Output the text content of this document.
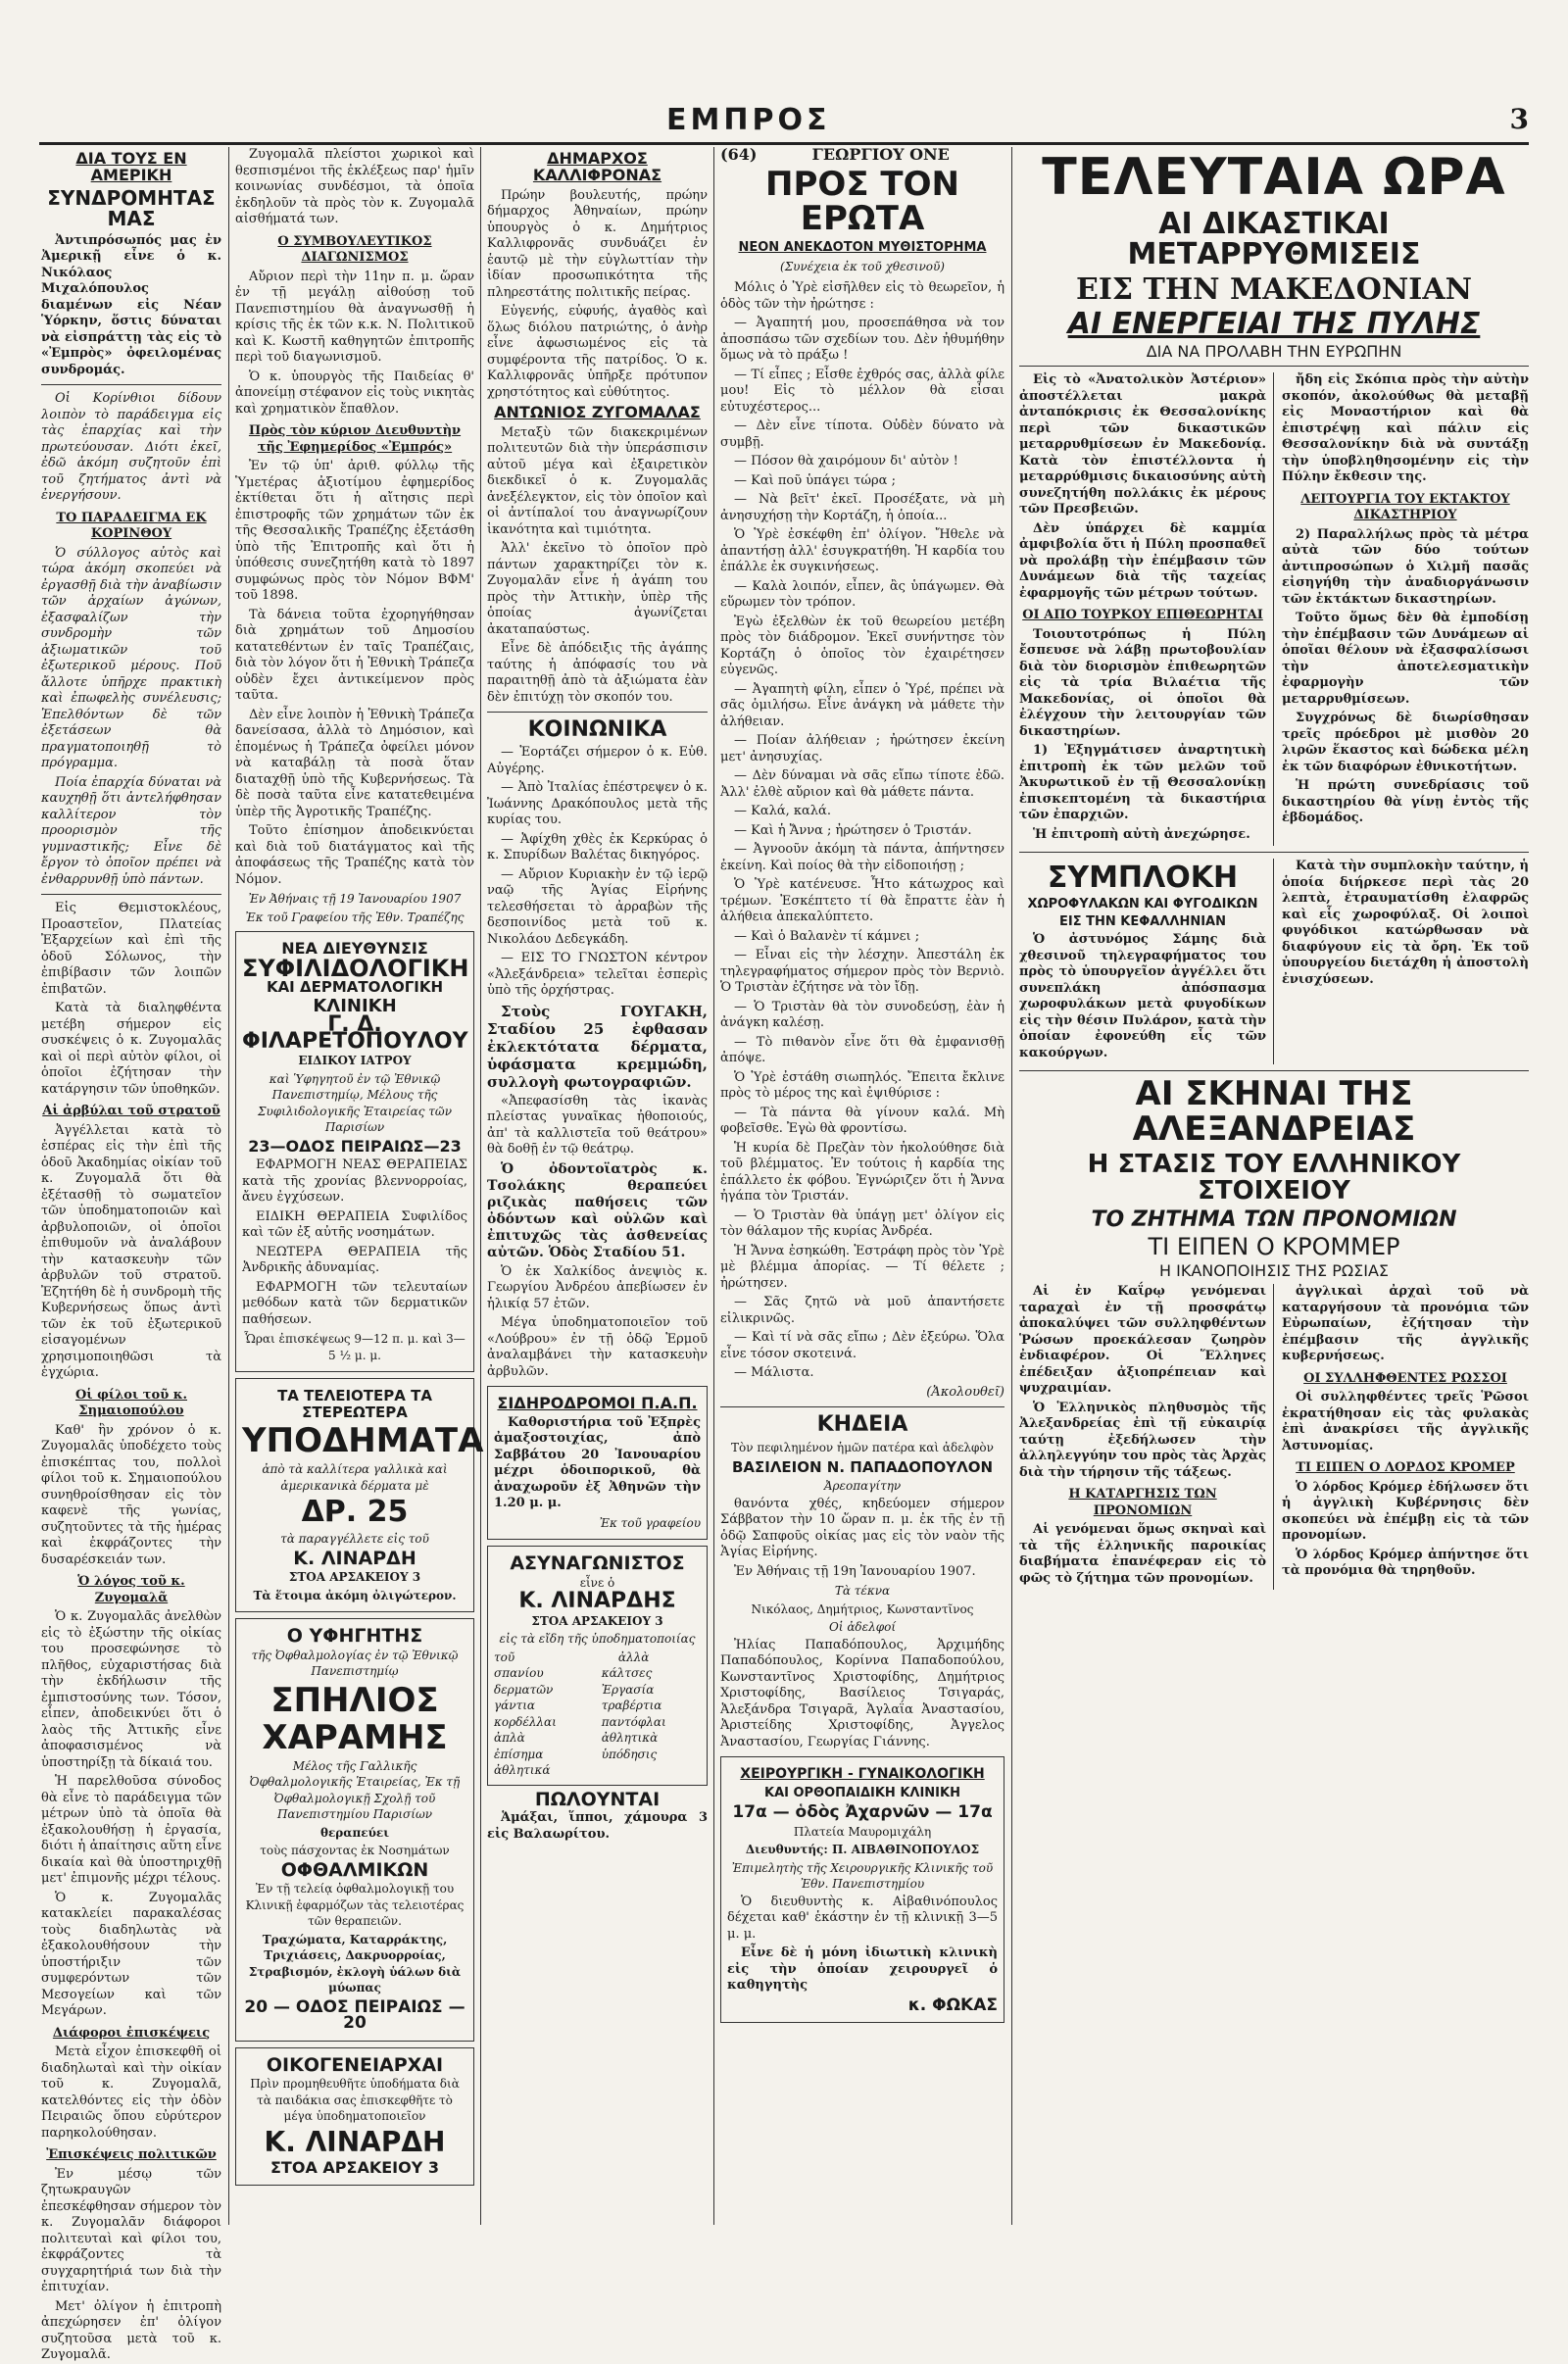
ΕΜΠΡΟΣ	3
ΔΙΑ ΤΟΥΣ ΕΝ ΑΜΕΡΙΚΗ
ΣΥΝΔΡΟΜΗΤΑΣ ΜΑΣ

Ἀντιπρόσωπός μας ἐν Ἀμερικῇ εἶνε ὁ κ. Νικόλαος Μιχαλόπουλος διαμένων εἰς Νέαν Ὑόρκην, ὅστις δύναται νὰ εἰσπράττῃ τὰς εἰς τὸ «Ἐμπρὸς» ὀφειλομένας συνδρομάς.

Οἱ Κορίνθιοι δίδουν λοιπὸν τὸ παράδειγμα εἰς τὰς ἐπαρχίας καὶ τὴν πρωτεύουσαν. Διότι ἐκεῖ, ἐδῶ ἀκόμη συζητοῦν ἐπὶ τοῦ ζητήματος ἀντὶ νὰ ἐνεργήσουν.

ΤΟ ΠΑΡΑΔΕΙΓΜΑ ΕΚ ΚΟΡΙΝΘΟΥ

Ὁ σύλλογος αὐτὸς καὶ τώρα ἀκόμη σκοπεύει νὰ ἐργασθῇ διὰ τὴν ἀναβίωσιν τῶν ἀρχαίων ἀγώνων, ἐξασφαλίζων τὴν συνδρομὴν τῶν ἀξιωματικῶν τοῦ ἐξωτερικοῦ μέρους. Ποῦ ἄλλοτε ὑπῆρχε πρακτικὴ καὶ ἐπωφελὴς συνέλευσις; Ἐπελθόντων δὲ τῶν ἐξετάσεων θὰ πραγματοποιηθῇ τὸ πρόγραμμα.

Ποία ἐπαρχία δύναται νὰ καυχηθῇ ὅτι ἀντελήφθησαν καλλίτερον τὸν προορισμὸν τῆς γυμναστικῆς; Εἶνε δὲ ἔργον τὸ ὁποῖον πρέπει νὰ ἐνθαρρυνθῇ ὑπὸ πάντων.

Εἰς Θεμιστοκλέους, Προαστεῖον, Πλατείας Ἐξαρχείων καὶ ἐπὶ τῆς ὁδοῦ Σόλωνος, τὴν ἐπιβίβασιν τῶν λοιπῶν ἐπιβατῶν.

Κατὰ τὰ διαληφθέντα μετέβη σήμερον εἰς συσκέψεις ὁ κ. Ζυγομαλᾶς καὶ οἱ περὶ αὐτὸν φίλοι, οἱ ὁποῖοι ἐζήτησαν τὴν κατάργησιν τῶν ὑποθηκῶν.

Αἱ ἀρβύλαι τοῦ στρατοῦ

Ἀγγέλλεται κατὰ τὸ ἐσπέρας εἰς τὴν ἐπὶ τῆς ὁδοῦ Ἀκαδημίας οἰκίαν τοῦ κ. Ζυγομαλᾶ ὅτι θὰ ἐξέτασθῇ τὸ σωματεῖον τῶν ὑποδηματοποιῶν καὶ ἀρβυλοποιῶν, οἱ ὁποῖοι ἐπιθυμοῦν νὰ ἀναλάβουν τὴν κατασκευὴν τῶν ἀρβυλῶν τοῦ στρατοῦ. Ἐζητήθη δὲ ἡ συνδρομὴ τῆς Κυβερνήσεως ὅπως ἀντὶ τῶν ἐκ τοῦ ἐξωτερικοῦ εἰσαγομένων χρησιμοποιηθῶσι τὰ ἐγχώρια.

Οἱ φίλοι τοῦ κ. Σημαιοπούλου

Καθ' ἣν χρόνον ὁ κ. Ζυγομαλᾶς ὑποδέχετο τοὺς ἐπισκέπτας του, πολλοὶ φίλοι τοῦ κ. Σημαιοπούλου συνηθροίσθησαν εἰς τὸν καφενὲ τῆς γωνίας, συζητοῦντες τὰ τῆς ἡμέρας καὶ ἐκφράζοντες τὴν δυσαρέσκειάν των.

Ὁ λόγος τοῦ κ. Ζυγομαλᾶ

Ὁ κ. Ζυγομαλᾶς ἀνελθὼν εἰς τὸ ἐξώστην τῆς οἰκίας του προσεφώνησε τὸ πλῆθος, εὐχαριστήσας διὰ τὴν ἐκδήλωσιν τῆς ἐμπιστοσύνης των. Τόσον, εἶπεν, ἀποδεικνύει ὅτι ὁ λαὸς τῆς Ἀττικῆς εἶνε ἀποφασισμένος νὰ ὑποστηρίξῃ τὰ δίκαιά του.

Ἡ παρελθοῦσα σύνοδος θὰ εἶνε τὸ παράδειγμα τῶν μέτρων ὑπὸ τὰ ὁποῖα θὰ ἐξακολουθήσῃ ἡ ἐργασία, διότι ἡ ἀπαίτησις αὕτη εἶνε δικαία καὶ θὰ ὑποστηριχθῇ μετ' ἐπιμονῆς μέχρι τέλους.

Ὁ κ. Ζυγομαλᾶς κατακλείει παρακαλέσας τοὺς διαδηλωτὰς νὰ ἐξακολουθήσουν τὴν ὑποστήριξιν τῶν συμφερόντων τῶν Μεσογείων καὶ τῶν Μεγάρων.

Διάφοροι ἐπισκέψεις

Μετὰ εἶχον ἐπισκεφθῆ οἱ διαδηλωταὶ καὶ τὴν οἰκίαν τοῦ κ. Ζυγομαλᾶ, κατελθόντες εἰς τὴν ὁδὸν Πειραιῶς ὅπου εὐρύτερον παρηκολούθησαν.

Ἐπισκέψεις πολιτικῶν

Ἐν μέσῳ τῶν ζητωκραυγῶν ἐπεσκέφθησαν σήμερον τὸν κ. Ζυγομαλᾶν διάφοροι πολιτευταὶ καὶ φίλοι του, ἐκφράζοντες τὰ συγχαρητήριά των διὰ τὴν ἐπιτυχίαν.

Μετ' ὀλίγον ἡ ἐπιτροπὴ ἀπεχώρησεν ἐπ' ὀλίγον συζητοῦσα μετὰ τοῦ κ. Ζυγομαλᾶ.

Ζυγομαλᾶ πλείστοι χωρικοὶ καὶ θεσπισμένοι τῆς ἐκλέξεως παρ' ἡμῖν κοινωνίας συνδέσμοι, τὰ ὁποῖα ἐκδηλοῦν τὰ πρὸς τὸν κ. Ζυγομαλᾶ αἰσθήματά των.

Ο ΣΥΜΒΟΥΛΕΥΤΙΚΟΣ ΔΙΑΓΩΝΙΣΜΟΣ

Αὔριον περὶ τὴν 11ην π. μ. ὥραν ἐν τῇ μεγάλῃ αἰθούσῃ τοῦ Πανεπιστημίου θὰ ἀναγνωσθῇ ἡ κρίσις τῆς ἐκ τῶν κ.κ. Ν. Πολιτικοῦ καὶ Κ. Κωστῆ καθηγητῶν ἐπιτροπῆς περὶ τοῦ διαγωνισμοῦ.

Ὁ κ. ὑπουργὸς τῆς Παιδείας θ' ἀπονείμῃ στέφανον εἰς τοὺς νικητὰς καὶ χρηματικὸν ἔπαθλον.

Πρὸς τὸν κύριον Διευθυντὴν τῆς Ἐφημερίδος «Ἐμπρός»

Ἐν τῷ ὑπ' ἀριθ. φύλλῳ τῆς Ὑμετέρας ἀξιοτίμου ἐφημερίδος ἐκτίθεται ὅτι ἡ αἴτησις περὶ ἐπιστροφῆς τῶν χρημάτων τῶν ἐκ τῆς Θεσσαλικῆς Τραπέζης ἐξετάσθη ὑπὸ τῆς Ἐπιτροπῆς καὶ ὅτι ἡ ὑπόθεσις συνεζητήθη κατὰ τὸ 1897 συμφώνως πρὸς τὸν Νόμον ΒΦΜ' τοῦ 1898.

Τὰ δάνεια τοῦτα ἐχορηγήθησαν διὰ χρημάτων τοῦ Δημοσίου κατατεθέντων ἐν ταῖς Τραπέζαις, διὰ τὸν λόγον ὅτι ἡ Ἐθνικὴ Τράπεζα οὐδὲν ἔχει ἀντικείμενον πρὸς ταῦτα.

Δὲν εἶνε λοιπὸν ἡ Ἐθνικὴ Τράπεζα δανείσασα, ἀλλὰ τὸ Δημόσιον, καὶ ἑπομένως ἡ Τράπεζα ὀφείλει μόνον νὰ καταβάλῃ τὰ ποσὰ ὅταν διαταχθῇ ὑπὸ τῆς Κυβερνήσεως. Τὰ δὲ ποσὰ ταῦτα εἶνε κατατεθειμένα ὑπὲρ τῆς Ἀγροτικῆς Τραπέζης.

Τοῦτο ἐπίσημον ἀποδεικνύεται καὶ διὰ τοῦ διατάγματος καὶ τῆς ἀποφάσεως τῆς Τραπέζης κατὰ τὸν Νόμον.

Ἐν Ἀθήναις τῇ 19 Ἰανουαρίου 1907
Ἐκ τοῦ Γραφείου τῆς Ἐθν. Τραπέζης
ΝΕΑ ΔΙΕΥΘΥΝΣΙΣ
ΣΥΦΙΛΙΔΟΛΟΓΙΚΗ
ΚΑΙ ΔΕΡΜΑΤΟΛΟΓΙΚΗ
ΚΛΙΝΙΚΗ
Γ. Δ. ΦΙΛΑΡΕΤΟΠΟΥΛΟΥ
ΕΙΔΙΚΟΥ ΙΑΤΡΟΥ
καὶ Ὑφηγητοῦ ἐν τῷ Ἐθνικῷ Πανεπιστημίῳ, Μέλους τῆς Συφιλιδολογικῆς Ἑταιρείας τῶν Παρισίων
23—ΟΔΟΣ ΠΕΙΡΑΙΩΣ—23

ΕΦΑΡΜΟΓΗ ΝΕΑΣ ΘΕΡΑΠΕΙΑΣ κατὰ τῆς χρονίας βλεννορροίας, ἄνευ ἐγχύσεων.

ΕΙΔΙΚΗ ΘΕΡΑΠΕΙΑ Συφιλίδος καὶ τῶν ἐξ αὐτῆς νοσημάτων.

ΝΕΩΤΕΡΑ ΘΕΡΑΠΕΙΑ τῆς Ἀνδρικῆς ἀδυναμίας.

ΕΦΑΡΜΟΓΗ τῶν τελευταίων μεθόδων κατὰ τῶν δερματικῶν παθήσεων.

Ὧραι ἐπισκέψεως 9—12 π. μ. καὶ 3—5 ½ μ. μ.
ΤΑ ΤΕΛΕΙΟΤΕΡΑ ΤΑ ΣΤΕΡΕΩΤΕΡΑ
ΥΠΟΔΗΜΑΤΑ
ἀπὸ τὰ καλλίτερα γαλλικὰ καὶ ἀμερικανικὰ δέρματα μὲ
ΔΡ. 25
τὰ παραγγέλλετε εἰς τοῦ
Κ. ΛΙΝΑΡΔΗ
ΣΤΟΑ ΑΡΣΑΚΕΙΟΥ 3
Τὰ ἕτοιμα ἀκόμη ὀλιγώτερον.
Ο ΥΦΗΓΗΤΗΣ
τῆς Ὀφθαλμολογίας ἐν τῷ Ἐθνικῷ Πανεπιστημίῳ
ΣΠΗΛΙΟΣ
ΧΑΡΑΜΗΣ
Μέλος τῆς Γαλλικῆς Ὀφθαλμολογικῆς Ἑταιρείας, Ἐκ τῇ Ὀφθαλμολογικῇ Σχολῇ τοῦ Πανεπιστημίου Παρισίων
θεραπεύει
τοὺς πάσχοντας ἐκ Νοσημάτων
ΟΦΘΑΛΜΙΚΩΝ
Ἐν τῇ τελείᾳ ὀφθαλμολογικῇ του Κλινικῇ ἐφαρμόζων τὰς τελειοτέρας τῶν θεραπειῶν.
Τραχώματα, Καταρράκτης, Τριχιάσεις, Δακρυορροίας, Στραβισμόν, ἐκλογὴ ὑάλων διὰ μύωπας
20 — ΟΔΟΣ ΠΕΙΡΑΙΩΣ — 20
ΟΙΚΟΓΕΝΕΙΑΡΧΑΙ
Πρὶν προμηθευθῆτε ὑποδήματα διὰ τὰ παιδάκια σας ἐπισκεφθῆτε τὸ μέγα ὑποδηματοποιεῖον
Κ. ΛΙΝΑΡΔΗ
ΣΤΟΑ ΑΡΣΑΚΕΙΟΥ 3
ΔΗΜΑΡΧΟΣ ΚΑΛΛΙΦΡΟΝΑΣ

Πρώην βουλευτής, πρώην δήμαρχος Ἀθηναίων, πρώην ὑπουργὸς ὁ κ. Δημήτριος Καλλιφρονᾶς συνδυάζει ἐν ἑαυτῷ μὲ τὴν εὐγλωττίαν τὴν ἰδίαν προσωπικότητα τῆς πληρεστάτης πολιτικῆς πείρας.

Εὐγενής, εὐφυής, ἀγαθὸς καὶ ὅλως διόλου πατριώτης, ὁ ἀνὴρ εἶνε ἀφωσιωμένος εἰς τὰ συμφέροντα τῆς πατρίδος. Ὁ κ. Καλλιφρονᾶς ὑπῆρξε πρότυπον χρηστότητος καὶ εὐθύτητος.

ΑΝΤΩΝΙΟΣ ΖΥΓΟΜΑΛΑΣ

Μεταξὺ τῶν διακεκριμένων πολιτευτῶν διὰ τὴν ὑπεράσπισιν αὐτοῦ μέγα καὶ ἐξαιρετικὸν διεκδικεῖ ὁ κ. Ζυγομαλᾶς ἀνεξέλεγκτον, εἰς τὸν ὁποῖον καὶ οἱ ἀντίπαλοί του ἀναγνωρίζουν ἱκανότητα καὶ τιμιότητα.

Ἀλλ' ἐκεῖνο τὸ ὁποῖον πρὸ πάντων χαρακτηρίζει τὸν κ. Ζυγομαλᾶν εἶνε ἡ ἀγάπη του πρὸς τὴν Ἀττικὴν, ὑπὲρ τῆς ὁποίας ἀγωνίζεται ἀκαταπαύστως.

Εἶνε δὲ ἀπόδειξις τῆς ἀγάπης ταύτης ἡ ἀπόφασίς του νὰ παραιτηθῇ ἀπὸ τὰ ἀξιώματα ἐὰν δὲν ἐπιτύχῃ τὸν σκοπόν του.

ΚΟΙΝΩΝΙΚΑ

— Ἑορτάζει σήμερον ὁ κ. Εὐθ. Αὐγέρης.

— Ἀπὸ Ἰταλίας ἐπέστρεψεν ὁ κ. Ἰωάννης Δρακόπουλος μετὰ τῆς κυρίας του.

— Ἀφίχθη χθὲς ἐκ Κερκύρας ὁ κ. Σπυρίδων Βαλέτας δικηγόρος.

— Αὔριον Κυριακὴν ἐν τῷ ἱερῷ ναῷ τῆς Ἁγίας Εἰρήνης τελεσθήσεται τὸ ἀρραβὼν τῆς δεσποινίδος μετὰ τοῦ κ. Νικολάου Δεδεγκάδη.

— ΕΙΣ ΤΟ ΓΝΩΣΤΟΝ κέντρον «Ἀλεξάνδρεια» τελεῖται ἑσπερὶς ὑπὸ τῆς ὀρχήστρας.

Στοὺς ΓΟΥΓΑΚΗ, Σταδίου 25 ἐφθασαν ἐκλεκτότατα δέρματα, ὑφάσματα κρεμμώδη, συλλογὴ φωτογραφιῶν.

«Ἀπεφασίσθη τὰς ἱκανὰς πλείστας γυναῖκας ἠθοποιούς, ἀπ' τὰ καλλιστεῖα τοῦ θεάτρου» θὰ δοθῇ ἐν τῷ θεάτρῳ.

Ὁ ὀδοντοϊατρὸς κ. Τσολάκης θεραπεύει ριζικὰς παθήσεις τῶν ὀδόντων καὶ οὐλῶν καὶ ἐπιτυχῶς τὰς ἀσθενείας αὐτῶν. Ὁδὸς Σταδίου 51.

Ὁ ἐκ Χαλκίδος ἀνεψιὸς κ. Γεωργίου Ἀνδρέου ἀπεβίωσεν ἐν ἡλικίᾳ 57 ἐτῶν.

Μέγα ὑποδηματοποιεῖον τοῦ «Λούβρου» ἐν τῇ ὁδῷ Ἑρμοῦ ἀναλαμβάνει τὴν κατασκευὴν ἀρβυλῶν.

ΣΙΔΗΡΟΔΡΟΜΟΙ Π.Α.Π.

Καθοριστήρια τοῦ Ἐξπρὲς ἀμαξοστοιχίας, ἀπὸ Σαββάτου 20 Ἰανουαρίου μέχρι ὁδοιπορικοῦ, θὰ ἀναχωροῦν ἐξ Ἀθηνῶν τὴν 1.20 μ. μ.

Ἐκ τοῦ γραφείου
ΑΣΥΝΑΓΩΝΙΣΤΟΣ
εἶνε ὁ
Κ. ΛΙΝΑΡΔΗΣ
ΣΤΟΑ ΑΡΣΑΚΕΙΟΥ 3
εἰς τὰ εἴδη τῆς ὑποδηματοποιίας
τοῦ σπανίου
δερματῶν
γάντια
κορδέλλαι
ἀπλὰ
ἐπίσημα
ἀθλητικά
ἀλλὰ
κάλτσες
Ἐργασία
τραβέρτια
παντόφλαι
ἀθλητικὰ
ὑπόδησις
ΠΩΛΟΥΝΤΑΙ

Ἁμάξαι, ἵπποι, χάμουρα 3 εἰς Βαλαωρίτου.

(64)	ΓΕΩΡΓΙΟΥ ΟΝΕ
ΠΡΟΣ ΤΟΝ ΕΡΩΤΑ
ΝΕΟΝ ΑΝΕΚΔΟΤΟΝ ΜΥΘΙΣΤΟΡΗΜΑ
(Συνέχεια ἐκ τοῦ χθεσινοῦ)

Μόλις ὁ Ὑρὲ εἰσῆλθεν εἰς τὸ θεωρεῖον, ἡ ὁδὸς τῶν τὴν ἠρώτησε :

— Ἀγαπητή μου, προσεπάθησα νὰ τον ἀποσπάσω τῶν σχεδίων του. Δὲν ἠθυμήθην ὅμως νὰ τὸ πράξω !

— Τί εἶπες ; Εἶσθε ἐχθρός σας, ἀλλὰ φίλε μου! Εἰς τὸ μέλλον θὰ εἶσαι εὐτυχέστερος...

— Δὲν εἶνε τίποτα. Οὐδὲν δύνατο νὰ συμβῇ.

— Πόσον θὰ χαιρόμουν δι' αὐτὸν !

— Καὶ ποῦ ὑπάγει τώρα ;

— Νὰ βεῖτ' ἐκεῖ. Προσέξατε, νὰ μὴ ἀνησυχήσῃ τὴν Κορτάζη, ἡ ὁποία...

Ὁ Ὑρὲ ἐσκέφθη ἐπ' ὀλίγον. Ἤθελε νὰ ἀπαντήσῃ ἀλλ' ἐσυγκρατήθη. Ἡ καρδία του ἐπάλλε ἐκ συγκινήσεως.

— Καλὰ λοιπόν, εἶπεν, ἂς ὑπάγωμεν. Θὰ εὕρωμεν τὸν τρόπον.

Ἐγὼ ἐξελθὼν ἐκ τοῦ θεωρείου μετέβη πρὸς τὸν διάδρομον. Ἐκεῖ συνήντησε τὸν Κορτάζη ὁ ὁποῖος τὸν ἐχαιρέτησεν εὐγενῶς.

— Ἀγαπητὴ φίλη, εἶπεν ὁ Ὑρέ, πρέπει νὰ σᾶς ὁμιλήσω. Εἶνε ἀνάγκη νὰ μάθετε τὴν ἀλήθειαν.

— Ποίαν ἀλήθειαν ; ἠρώτησεν ἐκείνη μετ' ἀνησυχίας.

— Δὲν δύναμαι νὰ σᾶς εἴπω τίποτε ἐδῶ. Ἀλλ' ἐλθὲ αὔριον καὶ θὰ μάθετε πάντα.

— Καλά, καλά.

— Καὶ ἡ Ἄννα ; ἠρώτησεν ὁ Τριστάν.

— Ἀγνοοῦν ἀκόμη τὰ πάντα, ἀπήντησεν ἐκείνη. Καὶ ποίος θὰ τὴν εἰδοποιήσῃ ;

Ὁ Ὑρὲ κατένευσε. Ἦτο κάτωχρος καὶ τρέμων. Ἐσκέπτετο τί θὰ ἔπραττε ἐὰν ἡ ἀλήθεια ἀπεκαλύπτετο.

— Καὶ ὁ Βαλανὲν τί κάμνει ;

— Εἶναι εἰς τὴν λέσχην. Ἀπεστάλη ἐκ τηλεγραφήματος σήμερον πρὸς τὸν Βερνιὸ. Ὁ Τριστὰν ἐζήτησε νὰ τὸν ἴδῃ.

— Ὁ Τριστὰν θὰ τὸν συνοδεύσῃ, ἐὰν ἡ ἀνάγκη καλέσῃ.

— Τὸ πιθανὸν εἶνε ὅτι θὰ ἐμφανισθῇ ἀπόψε.

Ὁ Ὑρὲ ἐστάθη σιωπηλός. Ἔπειτα ἔκλινε πρὸς τὸ μέρος της καὶ ἐψιθύρισε :

— Τὰ πάντα θὰ γίνουν καλά. Μὴ φοβεῖσθε. Ἐγὼ θὰ φροντίσω.

Ἡ κυρία δὲ Πρεζὰν τὸν ἠκολούθησε διὰ τοῦ βλέμματος. Ἐν τούτοις ἡ καρδία της ἐπάλλετο ἐκ φόβου. Ἐγνώριζεν ὅτι ἡ Ἄννα ἠγάπα τὸν Τριστάν.

— Ὁ Τριστὰν θὰ ὑπάγῃ μετ' ὀλίγον εἰς τὸν θάλαμον τῆς κυρίας Ἀνδρέα.

Ἡ Ἄννα ἐσηκώθη. Ἐστράφη πρὸς τὸν Ὑρὲ μὲ βλέμμα ἀπορίας. — Τί θέλετε ; ἠρώτησεν.

— Σᾶς ζητῶ νὰ μοῦ ἀπαντήσετε εἰλικρινῶς.

— Καὶ τί νὰ σᾶς εἴπω ; Δὲν ἐξεύρω. Ὅλα εἶνε τόσον σκοτεινά.

— Μάλιστα.

(Ἀκολουθεῖ)
ΚΗΔΕΙΑ
Τὸν πεφιλημένον ἡμῶν πατέρα καὶ ἀδελφὸν
ΒΑΣΙΛΕΙΟΝ Ν. ΠΑΠΑΔΟΠΟΥΛΟΝ
Ἀρεοπαγίτην

θανόντα χθές, κηδεύομεν σήμερον Σάββατον τὴν 10 ὥραν π. μ. ἐκ τῆς ἐν τῇ ὁδῷ Σαπφοῦς οἰκίας μας εἰς τὸν ναὸν τῆς Ἁγίας Εἰρήνης.

Ἐν Ἀθήναις τῇ 19η Ἰανουαρίου 1907.

Τὰ τέκνα
Νικόλαος, Δημήτριος, Κωνσταντῖνος
Οἱ ἀδελφοί

Ἠλίας Παπαδόπουλος, Ἀρχιμήδης Παπαδόπουλος, Κορίννα Παπαδοπούλου, Κωνσταντῖνος Χριστοφίδης, Δημήτριος Χριστοφίδης, Βασίλειος Τσιγαράς, Ἀλεξάνδρα Τσιγαρᾶ, Ἀγλαΐα Ἀναστασίου, Ἀριστείδης Χριστοφίδης, Ἀγγελος Ἀναστασίου, Γεωργίας Γιάννης.

ΧΕΙΡΟΥΡΓΙΚΗ - ΓΥΝΑΙΚΟΛΟΓΙΚΗ
ΚΑΙ ΟΡΘΟΠΑΙΔΙΚΗ ΚΛΙΝΙΚΗ
17α — ὁδὸς Ἀχαρνῶν — 17α
Πλατεία Μαυρομιχάλη
Διευθυντής: Π. ΑΙΒΑΘΙΝΟΠΟΥΛΟΣ
Ἐπιμελητὴς τῆς Χειρουργικῆς Κλινικῆς τοῦ Ἐθν. Πανεπιστημίου

Ὁ διευθυντὴς κ. Αἰβαθινόπουλος δέχεται καθ' ἑκάστην ἐν τῇ κλινικῇ 3—5 μ. μ.

Εἶνε δὲ ἡ μόνη ἰδιωτικὴ κλινικὴ εἰς τὴν ὁποίαν χειρουργεῖ ὁ καθηγητὴς

κ. ΦΩΚΑΣ
ΤΕΛΕΥΤΑΙΑ ΩΡΑ
ΑΙ ΔΙΚΑΣΤΙΚΑΙ ΜΕΤΑΡΡΥΘΜΙΣΕΙΣ
ΕΙΣ ΤΗΝ ΜΑΚΕΔΟΝΙΑΝ
ΑΙ ΕΝΕΡΓΕΙΑΙ ΤΗΣ ΠΥΛΗΣ
ΔΙΑ ΝΑ ΠΡΟΛΑΒΗ ΤΗΝ ΕΥΡΩΠΗΝ

Εἰς τὸ «Ἀνατολικὸν Ἀστέριον» ἀποστέλλεται μακρὰ ἀνταπόκρισις ἐκ Θεσσαλονίκης περὶ τῶν δικαστικῶν μεταρρυθμίσεων ἐν Μακεδονίᾳ. Κατὰ τὸν ἐπιστέλλοντα ἡ μεταρρύθμισις δικαιοσύνης αὐτὴ συνεζητήθη πολλάκις ἐκ μέρους τῶν Πρεσβειῶν.

Δὲν ὑπάρχει δὲ καμμία ἀμφιβολία ὅτι ἡ Πύλη προσπαθεῖ νὰ προλάβῃ τὴν ἐπέμβασιν τῶν Δυνάμεων διὰ τῆς ταχείας ἐφαρμογῆς τῶν μέτρων τούτων.

ΟΙ ΑΠΟ ΤΟΥΡΚΟΥ ΕΠΙΘΕΩΡΗΤΑΙ

Τοιουτοτρόπως ἡ Πύλη ἔσπευσε νὰ λάβῃ πρωτοβουλίαν διὰ τὸν διορισμὸν ἐπιθεωρητῶν εἰς τὰ τρία Βιλαέτια τῆς Μακεδονίας, οἱ ὁποῖοι θὰ ἐλέγχουν τὴν λειτουργίαν τῶν δικαστηρίων.

1) Ἐξηγμάτισεν ἀναρτητικὴ ἐπιτροπὴ ἐκ τῶν μελῶν τοῦ Ἀκυρωτικοῦ ἐν τῇ Θεσσαλονίκῃ ἐπισκεπτομένη τὰ δικαστήρια τῶν ἐπαρχιῶν.

Ἡ ἐπιτροπὴ αὐτὴ ἀνεχώρησε.

ἤδη εἰς Σκόπια πρὸς τὴν αὐτὴν σκοπόν, ἀκολούθως θὰ μεταβῇ εἰς Μοναστήριον καὶ θὰ ἐπιστρέψῃ καὶ πάλιν εἰς Θεσσαλονίκην διὰ νὰ συντάξῃ τὴν ὑποβληθησομένην εἰς τὴν Πύλην ἔκθεσιν της.

ΛΕΙΤΟΥΡΓΙΑ ΤΟΥ ΕΚΤΑΚΤΟΥ ΔΙΚΑΣΤΗΡΙΟΥ

2) Παραλλήλως πρὸς τὰ μέτρα αὐτὰ τῶν δύο τούτων ἀντιπροσώπων ὁ Χιλμῆ πασᾶς εἰσηγήθη τὴν ἀναδιοργάνωσιν τῶν ἐκτάκτων δικαστηρίων.

Τοῦτο ὅμως δὲν θὰ ἐμποδίσῃ τὴν ἐπέμβασιν τῶν Δυνάμεων αἱ ὁποῖαι θέλουν νὰ ἐξασφαλίσωσι τὴν ἀποτελεσματικὴν ἐφαρμογὴν τῶν μεταρρυθμίσεων.

Συγχρόνως δὲ διωρίσθησαν τρεῖς πρόεδροι μὲ μισθὸν 20 λιρῶν ἕκαστος καὶ δώδεκα μέλη ἐκ τῶν διαφόρων ἐθνικοτήτων.

Ἡ πρώτη συνεδρίασις τοῦ δικαστηρίου θὰ γίνῃ ἐντὸς τῆς ἑβδομάδος.

ΣΥΜΠΛΟΚΗ
ΧΩΡΟΦΥΛΑΚΩΝ ΚΑΙ ΦΥΓΟΔΙΚΩΝ
ΕΙΣ ΤΗΝ ΚΕΦΑΛΛΗΝΙΑΝ

Ὁ ἀστυνόμος Σάμης διὰ χθεσινοῦ τηλεγραφήματος του πρὸς τὸ ὑπουργεῖον ἀγγέλλει ὅτι συνεπλάκη ἀπόσπασμα χωροφυλάκων μετὰ φυγοδίκων εἰς τὴν θέσιν Πυλάρον, κατὰ τὴν ὁποίαν ἐφονεύθη εἷς τῶν κακούργων.

Κατὰ τὴν συμπλοκὴν ταύτην, ἡ ὁποία διήρκεσε περὶ τὰς 20 λεπτὰ, ἐτραυματίσθη ἐλαφρῶς καὶ εἷς χωροφύλαξ. Οἱ λοιποὶ φυγόδικοι κατώρθωσαν νὰ διαφύγουν εἰς τὰ ὄρη. Ἐκ τοῦ ὑπουργείου διετάχθη ἡ ἀποστολὴ ἐνισχύσεων.

ΑΙ ΣΚΗΝΑΙ ΤΗΣ ΑΛΕΞΑΝΔΡΕΙΑΣ
Η ΣΤΑΣΙΣ ΤΟΥ ΕΛΛΗΝΙΚΟΥ ΣΤΟΙΧΕΙΟΥ
ΤΟ ΖΗΤΗΜΑ ΤΩΝ ΠΡΟΝΟΜΙΩΝ
ΤΙ ΕΙΠΕΝ Ο ΚΡΟΜΜΕΡ
Η ΙΚΑΝΟΠΟΙΗΣΙΣ ΤΗΣ ΡΩΣΙΑΣ

Αἱ ἐν Καΐρῳ γενόμεναι ταραχαὶ ἐν τῇ προσφάτῳ ἀποκαλύψει τῶν συλληφθέντων Ῥώσων προεκάλεσαν ζωηρὸν ἐνδιαφέρον. Οἱ Ἕλληνες ἐπέδειξαν ἀξιοπρέπειαν καὶ ψυχραιμίαν.

Ὁ Ἑλληνικὸς πληθυσμὸς τῆς Ἀλεξανδρείας ἐπὶ τῇ εὐκαιρίᾳ ταύτῃ ἐξεδήλωσεν τὴν ἀλληλεγγύην του πρὸς τὰς Ἀρχὰς διὰ τὴν τήρησιν τῆς τάξεως.

Η ΚΑΤΑΡΓΗΣΙΣ ΤΩΝ ΠΡΟΝΟΜΙΩΝ

Αἱ γενόμεναι ὅμως σκηναὶ καὶ τὰ τῆς ἑλληνικῆς παροικίας διαβήματα ἐπανέφεραν εἰς τὸ φῶς τὸ ζήτημα τῶν προνομίων.

ἀγγλικαὶ ἀρχαὶ τοῦ νὰ καταργήσουν τὰ προνόμια τῶν Εὐρωπαίων, ἐζήτησαν τὴν ἐπέμβασιν τῆς ἀγγλικῆς κυβερνήσεως.

ΟΙ ΣΥΛΛΗΦΘΕΝΤΕΣ ΡΩΣΣΟΙ

Οἱ συλληφθέντες τρεῖς Ῥῶσοι ἐκρατήθησαν εἰς τὰς φυλακὰς ἐπὶ ἀνακρίσει τῆς ἀγγλικῆς Ἀστυνομίας.

ΤΙ ΕΙΠΕΝ Ο ΛΟΡΔΟΣ ΚΡΟΜΕΡ

Ὁ λόρδος Κρόμερ ἐδήλωσεν ὅτι ἡ ἀγγλικὴ Κυβέρνησις δὲν σκοπεύει νὰ ἐπέμβῃ εἰς τὰ τῶν προνομίων.

Ὁ λόρδος Κρόμερ ἀπήντησε ὅτι τὰ προνόμια θὰ τηρηθοῦν.
